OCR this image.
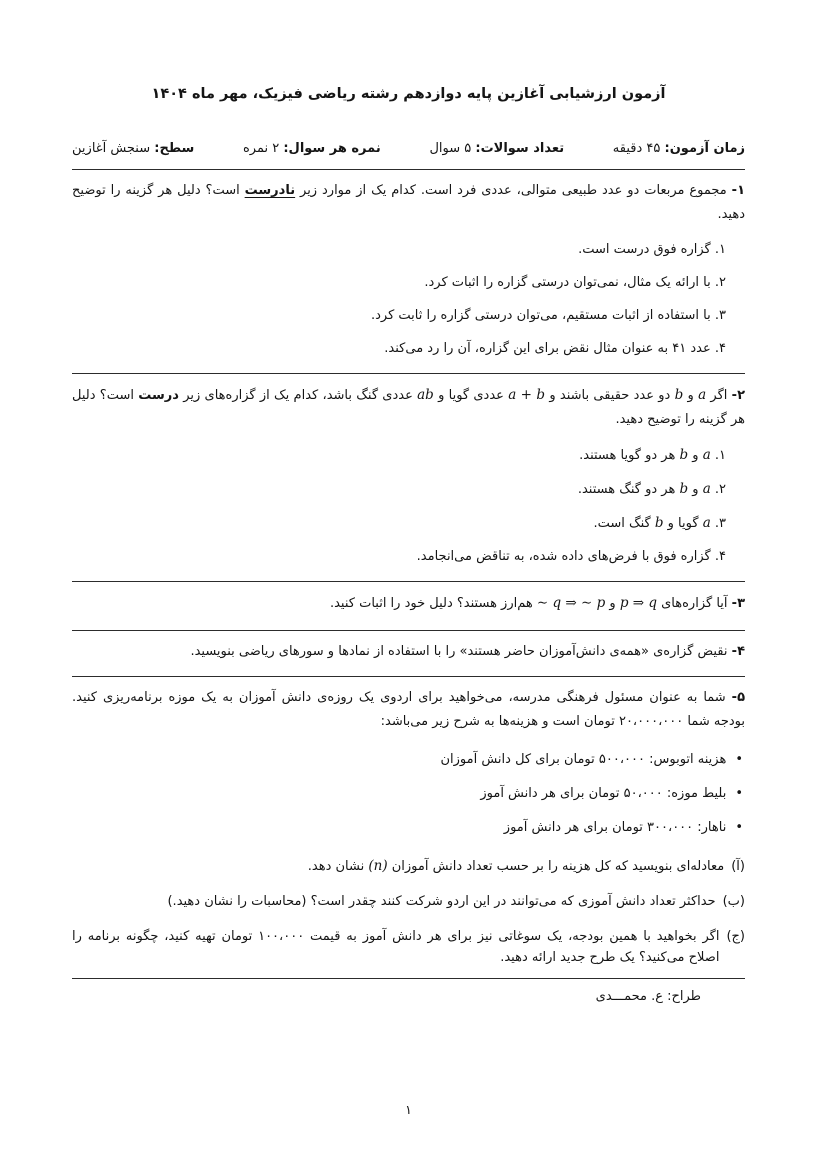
آزمون ارزشیابی آغازین پایه دوازدهم رشته ریاضی فیزیک، مهر ماه ۱۴۰۴
زمان آزمون: ۴۵ دقیقه
تعداد سوالات: ۵ سوال
نمره هر سوال: ۲ نمره
سطح: سنجش آغازین

۱- مجموع مربعات دو عدد طبیعی متوالی، عددی فرد است. کدام یک از موارد زیر نادرست است؟ دلیل هر گزینه را توضیح دهید.

۱. گزاره فوق درست است.
۲. با ارائه یک مثال، نمی‌توان درستی گزاره را اثبات کرد.
۳. با استفاده از اثبات مستقیم، می‌توان درستی گزاره را ثابت کرد.
۴. عدد ۴۱ به عنوان مثال نقض برای این گزاره، آن را رد می‌کند.

۲- اگر a و b دو عدد حقیقی باشند و a + b عددی گویا و ab عددی گنگ باشد، کدام یک از گزاره‌های زیر درست است؟ دلیل هر گزینه را توضیح دهید.

۱. a و b هر دو گویا هستند.
۲. a و b هر دو گنگ هستند.
۳. a گویا و b گنگ است.
۴. گزاره فوق با فرض‌های داده شده، به تناقض می‌انجامد.

۳- آیا گزاره‌های p ⇒ q و ∼ q ⇒ ∼ p هم‌ارز هستند؟ دلیل خود را اثبات کنید.

۴- نقیض گزاره‌ی «همه‌ی دانش‌آموزان حاضر هستند» را با استفاده از نمادها و سورهای ریاضی بنویسید.

۵- شما به عنوان مسئول فرهنگی مدرسه، می‌خواهید برای اردوی یک روزه‌ی دانش آموزان به یک موزه برنامه‌ریزی کنید. بودجه شما ۲۰،۰۰۰،۰۰۰ تومان است و هزینه‌ها به شرح زیر می‌باشد:

•
هزینه اتوبوس: ۵۰۰،۰۰۰ تومان برای کل دانش آموزان
•
بلیط موزه: ۵۰،۰۰۰ تومان برای هر دانش آموز
•
ناهار: ۳۰۰،۰۰۰ تومان برای هر دانش آموز
(آ)
معادله‌ای بنویسید که کل هزینه را بر حسب تعداد دانش آموزان (n) نشان دهد.
(ب)
حداکثر تعداد دانش آموزی که می‌توانند در این اردو شرکت کنند چقدر است؟ (محاسبات را نشان دهید.)
(ج)
اگر بخواهید با همین بودجه، یک سوغاتی نیز برای هر دانش آموز به قیمت ۱۰۰،۰۰۰ تومان تهیه کنید، چگونه برنامه را اصلاح می‌کنید؟ یک طرح جدید ارائه دهید.
طراح: ع. محمـــدی
۱
